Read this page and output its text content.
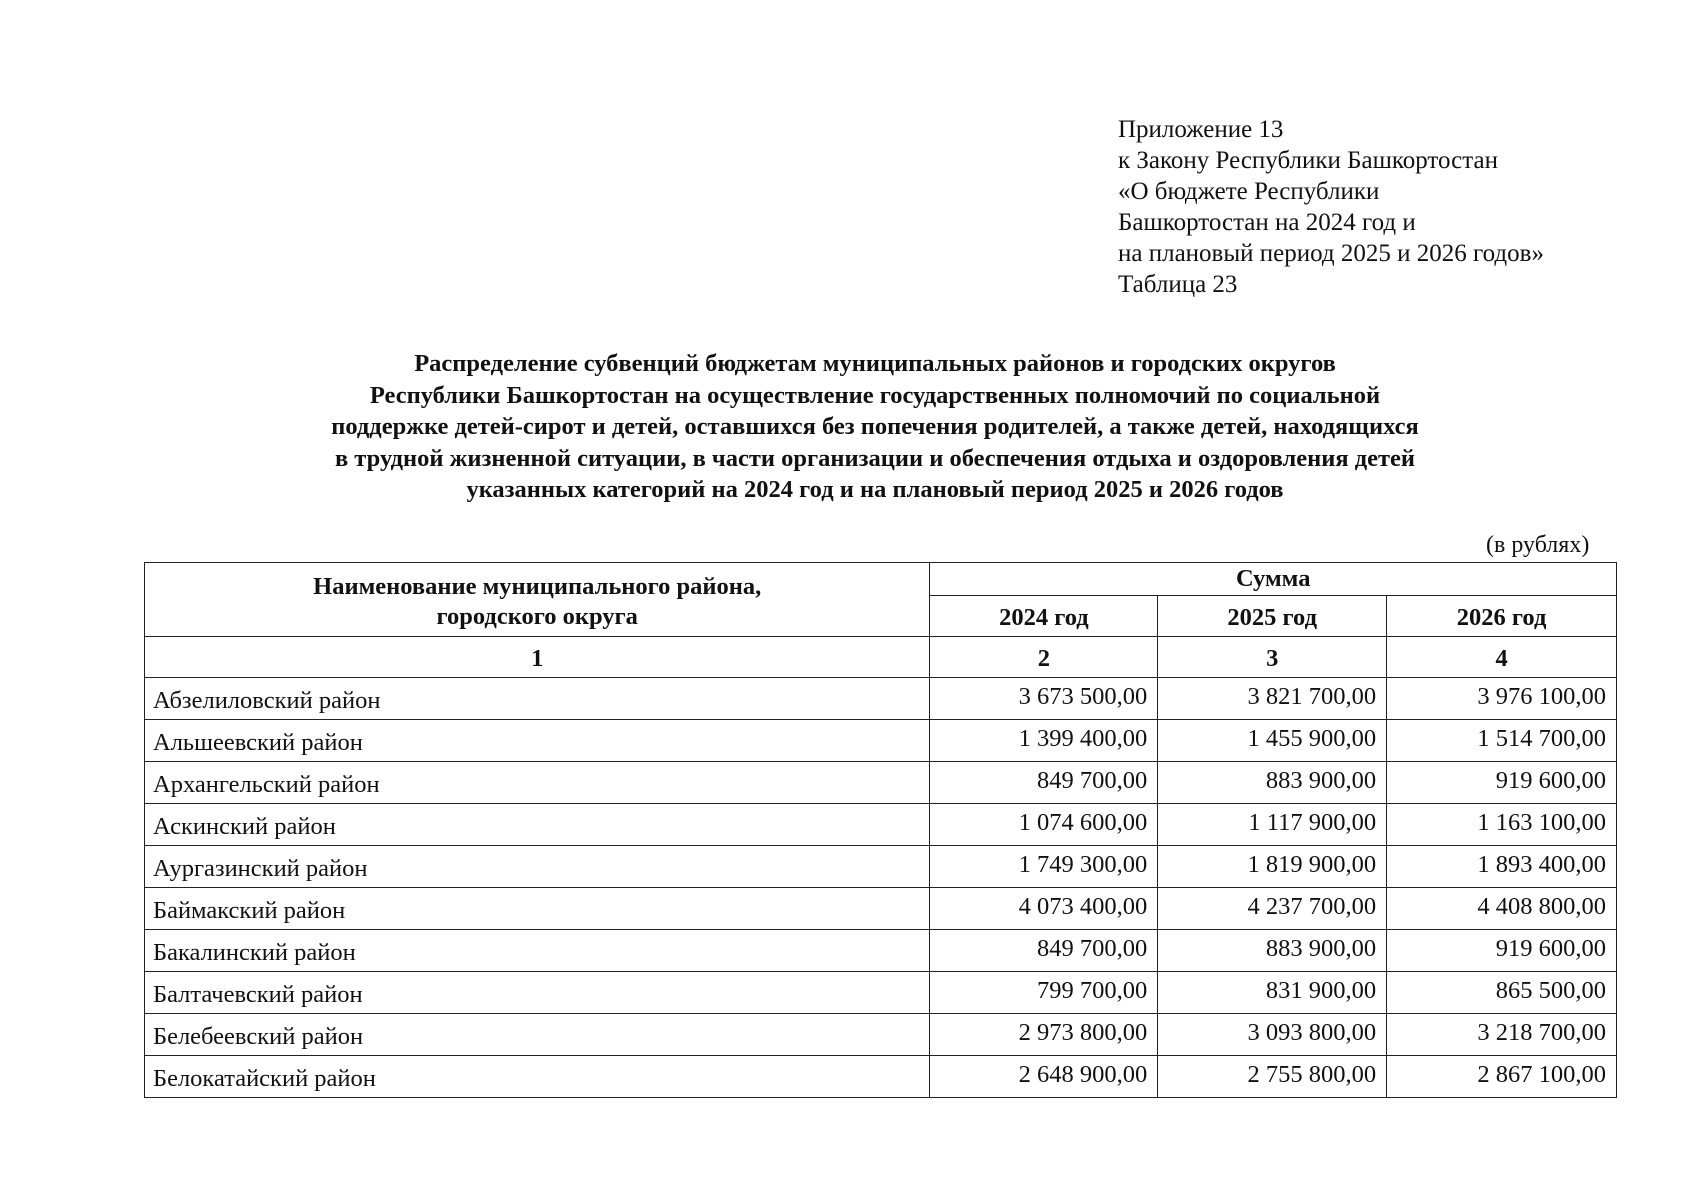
Приложение 13
к Закону Республики Башкортостан
«О бюджете Республики
Башкортостан на 2024 год и
на плановый период 2025 и 2026 годов»
Таблица 23
Распределение субвенций бюджетам муниципальных районов и городских округов
Республики Башкортостан на осуществление государственных полномочий по социальной
поддержке детей-сирот и детей, оставшихся без попечения родителей, а также детей, находящихся
в трудной жизненной ситуации, в части организации и обеспечения отдыха и оздоровления детей
указанных категорий на 2024 год и на плановый период 2025 и 2026 годов
(в рублях)
Наименование муниципального района,
городского округа	Сумма		
	2024 год	2025 год	2026 год
1	2	3	4
Абзелиловский район	3 673 500,00	3 821 700,00	3 976 100,00
Альшеевский район	1 399 400,00	1 455 900,00	1 514 700,00
Архангельский район	849 700,00	883 900,00	919 600,00
Аскинский район	1 074 600,00	1 117 900,00	1 163 100,00
Аургазинский район	1 749 300,00	1 819 900,00	1 893 400,00
Баймакский район	4 073 400,00	4 237 700,00	4 408 800,00
Бакалинский район	849 700,00	883 900,00	919 600,00
Балтачевский район	799 700,00	831 900,00	865 500,00
Белебеевский район	2 973 800,00	3 093 800,00	3 218 700,00
Белокатайский район	2 648 900,00	2 755 800,00	2 867 100,00
